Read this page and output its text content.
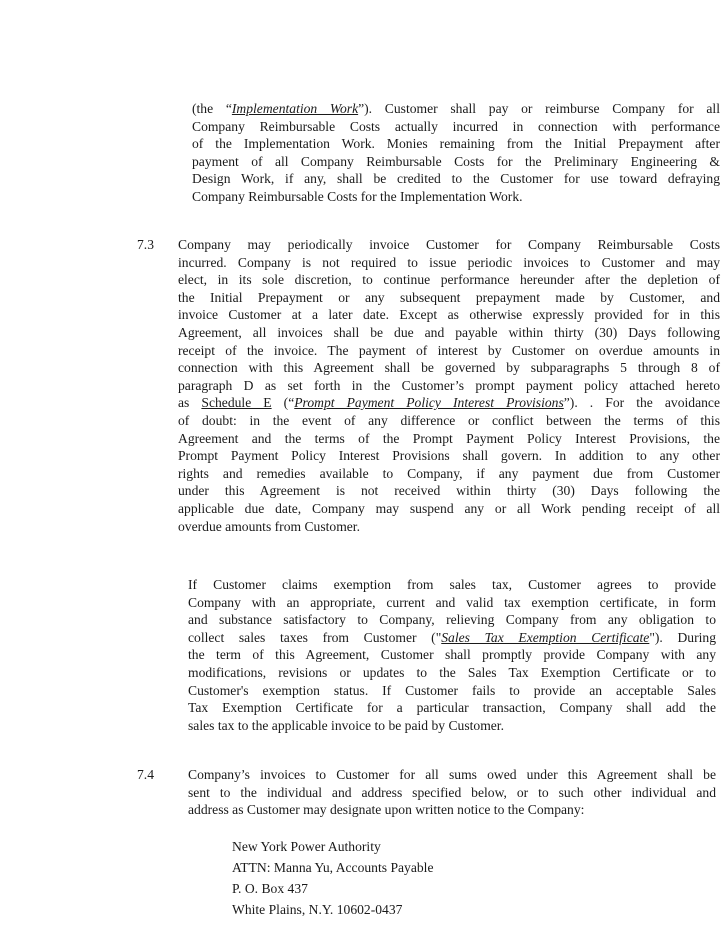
(the “Implementation Work”). Customer shall pay or reimburse Company for all
Company Reimbursable Costs actually incurred in connection with performance
of the Implementation Work. Monies remaining from the Initial Prepayment after
payment of all Company Reimbursable Costs for the Preliminary Engineering &
Design Work, if any, shall be credited to the Customer for use toward defraying
Company Reimbursable Costs for the Implementation Work.
7.3 Company may periodically invoice Customer for Company Reimbursable Costs
incurred. Company is not required to issue periodic invoices to Customer and may
elect, in its sole discretion, to continue performance hereunder after the depletion of
the Initial Prepayment or any subsequent prepayment made by Customer, and
invoice Customer at a later date. Except as otherwise expressly provided for in this
Agreement, all invoices shall be due and payable within thirty (30) Days following
receipt of the invoice. The payment of interest by Customer on overdue amounts in
connection with this Agreement shall be governed by subparagraphs 5 through 8 of
paragraph D as set forth in the Customer’s prompt payment policy attached hereto
as Schedule E (“Prompt Payment Policy Interest Provisions”). . For the avoidance
of doubt: in the event of any difference or conflict between the terms of this
Agreement and the terms of the Prompt Payment Policy Interest Provisions, the
Prompt Payment Policy Interest Provisions shall govern. In addition to any other
rights and remedies available to Company, if any payment due from Customer
under this Agreement is not received within thirty (30) Days following the
applicable due date, Company may suspend any or all Work pending receipt of all
overdue amounts from Customer.
If Customer claims exemption from sales tax, Customer agrees to provide
Company with an appropriate, current and valid tax exemption certificate, in form
and substance satisfactory to Company, relieving Company from any obligation to
collect sales taxes from Customer ("Sales Tax Exemption Certificate"). During
the term of this Agreement, Customer shall promptly provide Company with any
modifications, revisions or updates to the Sales Tax Exemption Certificate or to
Customer's exemption status. If Customer fails to provide an acceptable Sales
Tax Exemption Certificate for a particular transaction, Company shall add the
sales tax to the applicable invoice to be paid by Customer.
7.4	Company’s invoices to Customer for all sums owed under this Agreement shall be
sent to the individual and address specified below, or to such other individual and
address as Customer may designate upon written notice to the Company:
New York Power Authority
ATTN: Manna Yu, Accounts Payable
P. O. Box 437
White Plains, N.Y. 10602-0437
